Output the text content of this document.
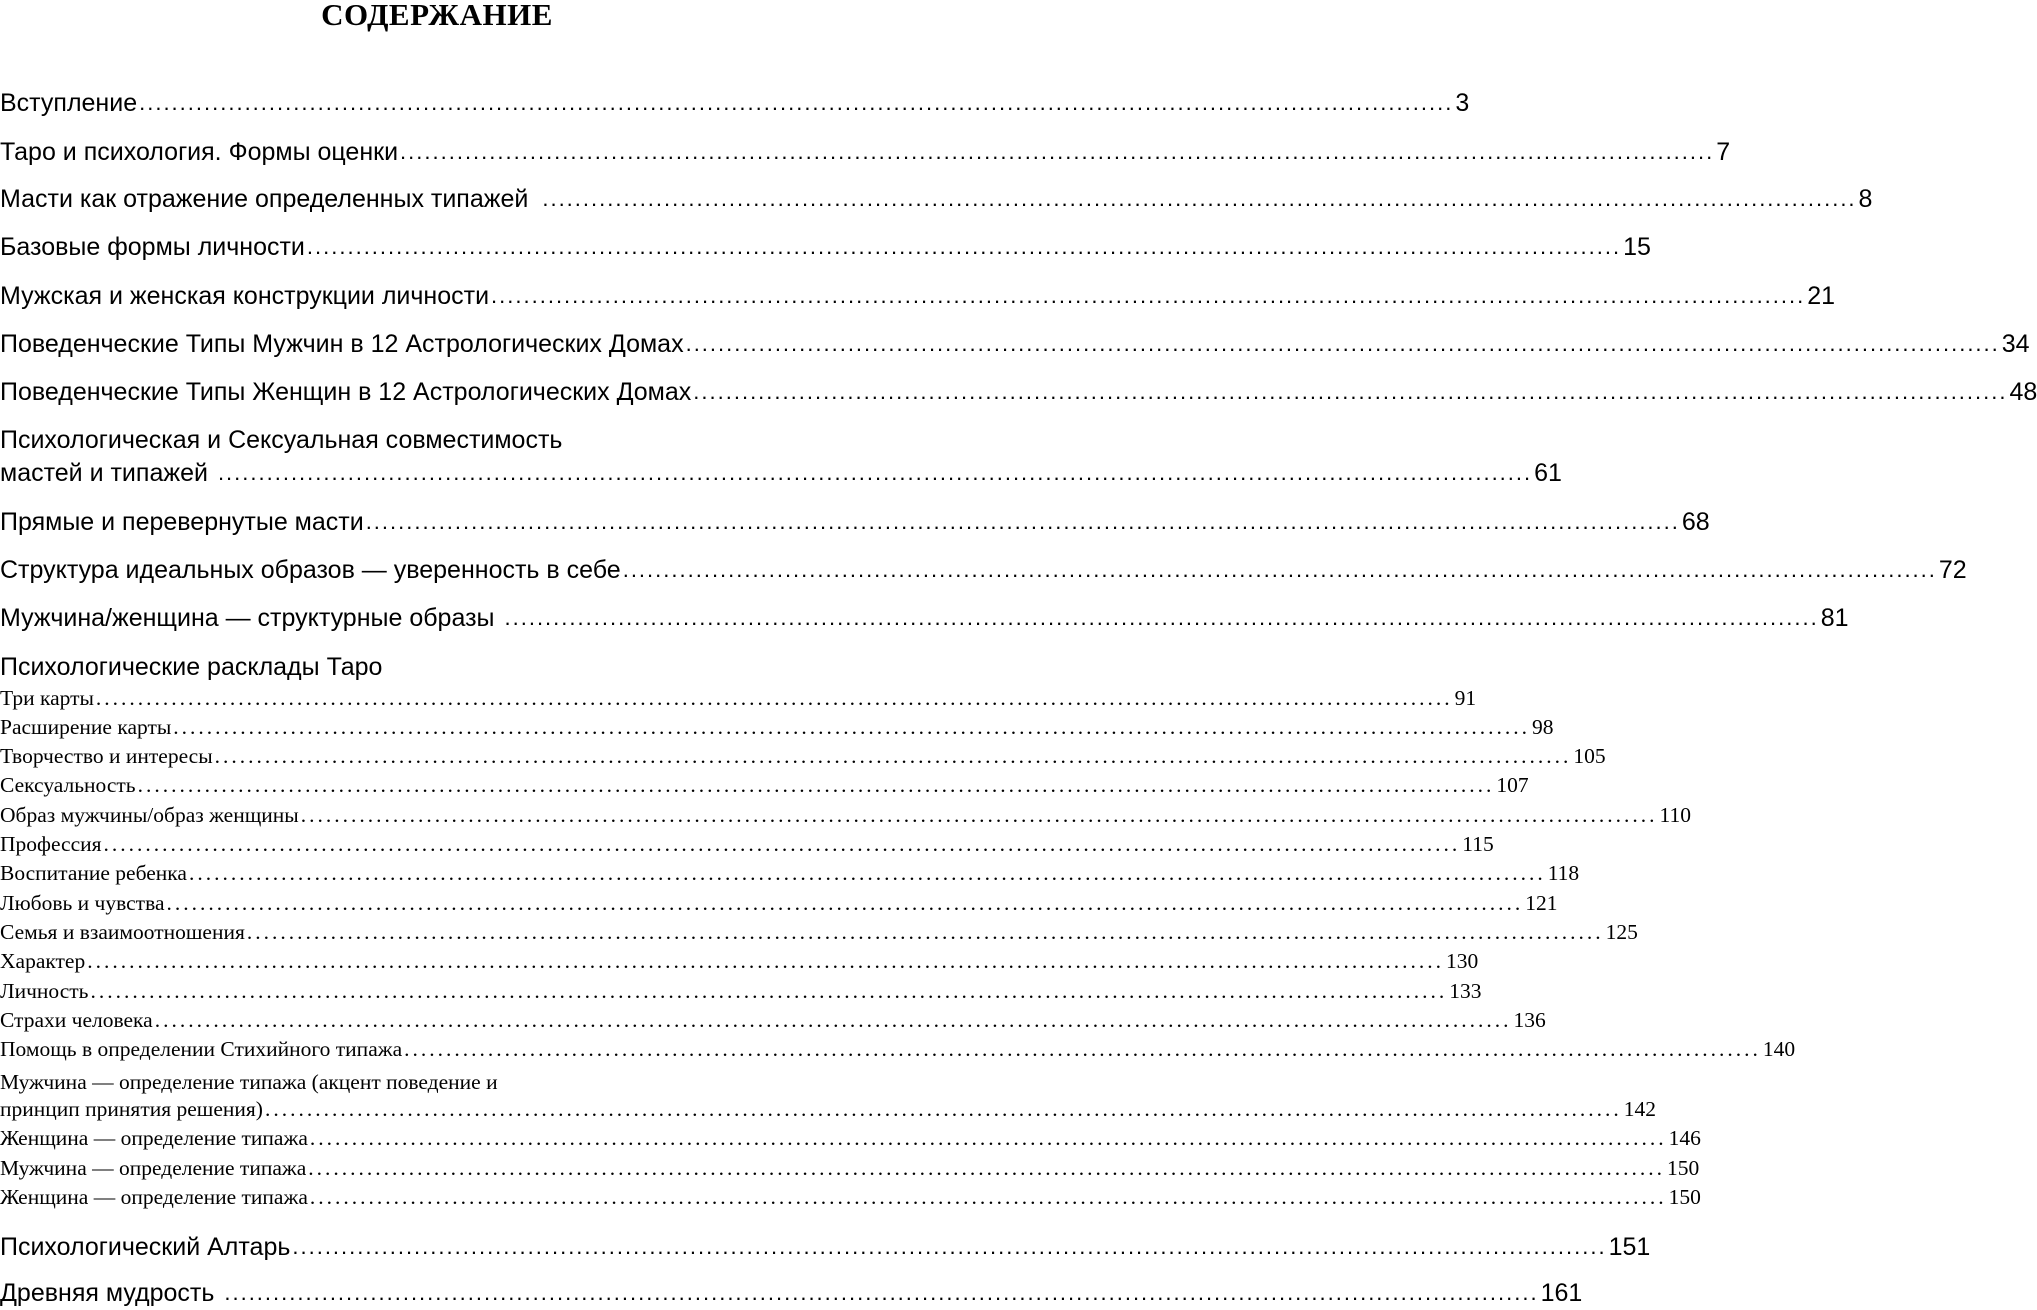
СОДЕРЖАНИЕ
Вступление .................................................................................................................................................................. 3
Таро и психология. Формы оценки .................................................................................................................................................................. 7
Масти как отражение определенных типажей .................................................................................................................................................................. 8
Базовые формы личности .................................................................................................................................................................. 15
Мужская и женская конструкции личности .................................................................................................................................................................. 21
Поведенческие Типы Мужчин в 12 Астрологических Домах .................................................................................................................................................................. 34
Поведенческие Типы Женщин в 12 Астрологических Домах .................................................................................................................................................................. 48
Психологическая и Сексуальная совместимость
мастей и типажей .................................................................................................................................................................. 61
Прямые и перевернутые масти .................................................................................................................................................................. 68
Структура идеальных образов — уверенность в себе .................................................................................................................................................................. 72
Мужчина/женщина — структурные образы .................................................................................................................................................................. 81
Психологические расклады Таро
Три карты .................................................................................................................................................................. 91
Расширение карты .................................................................................................................................................................. 98
Творчество и интересы .................................................................................................................................................................. 105
Сексуальность .................................................................................................................................................................. 107
Образ мужчины/образ женщины .................................................................................................................................................................. 110
Профессия .................................................................................................................................................................. 115
Воспитание ребенка .................................................................................................................................................................. 118
Любовь и чувства .................................................................................................................................................................. 121
Семья и взаимоотношения .................................................................................................................................................................. 125
Характер .................................................................................................................................................................. 130
Личность .................................................................................................................................................................. 133
Страхи человека .................................................................................................................................................................. 136
Помощь в определении Стихийного типажа .................................................................................................................................................................. 140
Мужчина — определение типажа (акцент поведение и
принцип принятия решения) .................................................................................................................................................................. 142
Женщина — определение типажа .................................................................................................................................................................. 146
Мужчина — определение типажа .................................................................................................................................................................. 150
Женщина — определение типажа .................................................................................................................................................................. 150
Психологический Алтарь .................................................................................................................................................................. 151
Древняя мудрость .................................................................................................................................................................. 161
